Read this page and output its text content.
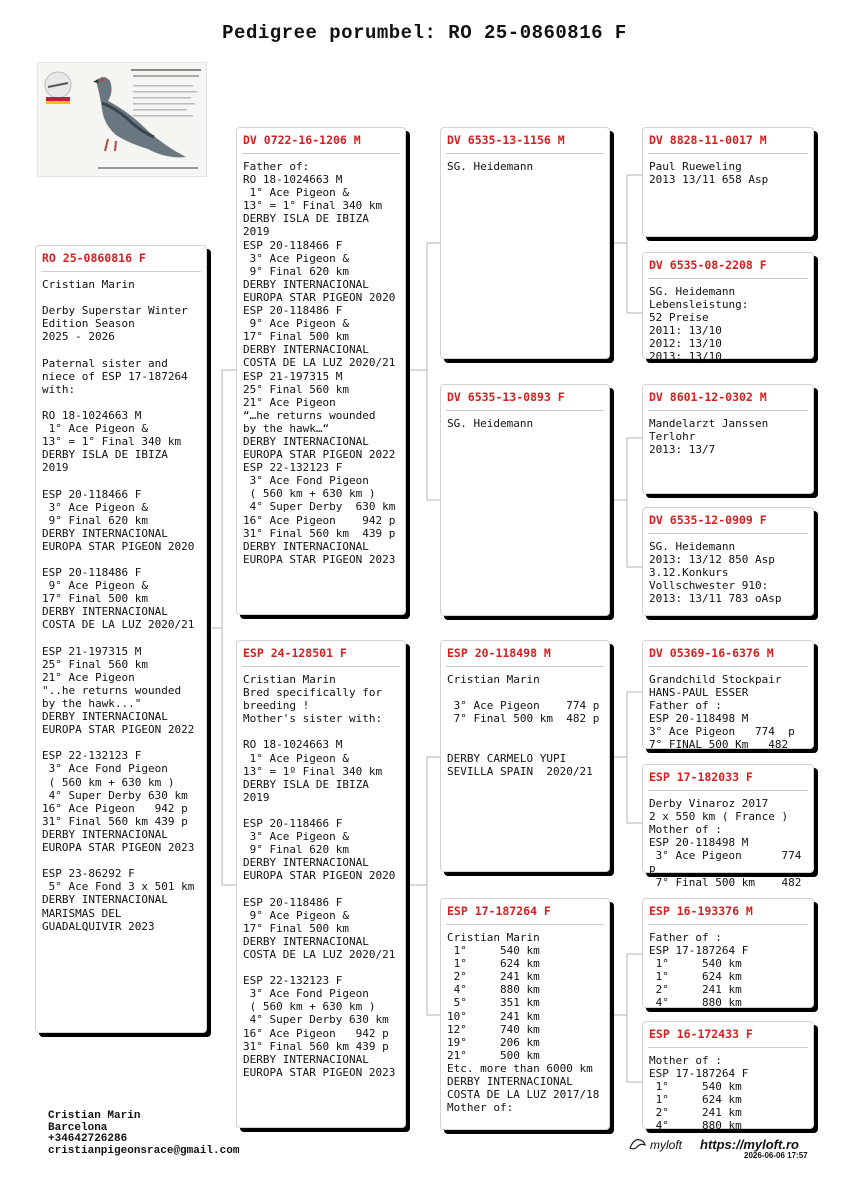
Pedigree porumbel: RO 25-0860816 F
RO 25-0860816 F
Cristian Marin

Derby Superstar Winter
Edition Season
2025 - 2026

Paternal sister and
niece of ESP 17-187264
with:

RO 18-1024663 M
1° Ace Pigeon &
13° = 1° Final 340 km
DERBY ISLA DE IBIZA 2019

ESP 20-118466 F
3° Ace Pigeon &
9° Final 620 km
DERBY INTERNACIONAL
EUROPA STAR PIGEON 2020

ESP 20-118486 F
9° Ace Pigeon &
17° Final 500 km
DERBY INTERNACIONAL
COSTA DE LA LUZ 2020/21

ESP 21-197315 M
25° Final 560 km
21° Ace Pigeon
"..he returns wounded
by the hawk..."
DERBY INTERNACIONAL
EUROPA STAR PIGEON 2022

ESP 22-132123 F
3° Ace Fond Pigeon
( 560 km + 630 km )
4° Super Derby 630 km
16° Ace Pigeon   942 p
31° Final 560 km 439 p
DERBY INTERNACIONAL
EUROPA STAR PIGEON 2023

ESP 23-86292 F
5° Ace Fond 3 x 501 km
DERBY INTERNACIONAL
MARISMAS DEL
GUADALQUIVIR 2023
DV 0722-16-1206 M
Father of:
RO 18-1024663 M
1° Ace Pigeon &
13° = 1° Final 340 km
DERBY ISLA DE IBIZA 2019
ESP 20-118466 F
3° Ace Pigeon &
9° Final 620 km
DERBY INTERNACIONAL
EUROPA STAR PIGEON 2020
ESP 20-118486 F
9° Ace Pigeon &
17° Final 500 km
DERBY INTERNACIONAL
COSTA DE LA LUZ 2020/21
ESP 21-197315 M
25° Final 560 km
21° Ace Pigeon
“…he returns wounded
by the hawk…“
DERBY INTERNACIONAL
EUROPA STAR PIGEON 2022
ESP 22-132123 F
3° Ace Fond Pigeon
( 560 km + 630 km )
4° Super Derby  630 km
16° Ace Pigeon    942 p
31° Final 560 km  439 p
DERBY INTERNACIONAL
EUROPA STAR PIGEON 2023
ESP 24-128501 F
Cristian Marin
Bred specifically for
breeding !
Mother's sister with:

RO 18-1024663 M
1° Ace Pigeon &
13° = 1º Final 340 km
DERBY ISLA DE IBIZA 2019

ESP 20-118466 F
3° Ace Pigeon &
9° Final 620 km
DERBY INTERNACIONAL
EUROPA STAR PIGEON 2020

ESP 20-118486 F
9° Ace Pigeon &
17° Final 500 km
DERBY INTERNACIONAL
COSTA DE LA LUZ 2020/21

ESP 22-132123 F
3° Ace Fond Pigeon
( 560 km + 630 km )
4° Super Derby 630 km
16° Ace Pigeon   942 p
31° Final 560 km 439 p
DERBY INTERNACIONAL
EUROPA STAR PIGEON 2023
DV 6535-13-1156 M
SG. Heidemann
DV 6535-13-0893 F
SG. Heidemann
ESP 20-118498 M
Cristian Marin

3° Ace Pigeon    774 p
7° Final 500 km  482 p

DERBY CARMELO YUPI
SEVILLA SPAIN  2020/21
ESP 17-187264 F
Cristian Marin
1°     540 km
1°     624 km
2°     241 km
4°     880 km
5°     351 km
10°     241 km
12°     740 km
19°     206 km
21°     500 km
Etc. more than 6000 km
DERBY INTERNACIONAL
COSTA DE LA LUZ 2017/18
Mother of:
DV 8828-11-0017 M
Paul Rueweling
2013 13/11 658 Asp
DV 6535-08-2208 F
SG. Heidemann
Lebensleistung:
52 Preise
2011: 13/10
2012: 13/10
2013: 13/10
DV 8601-12-0302 M
Mandelarzt Janssen
Terlohr
2013: 13/7
DV 6535-12-0909 F
SG. Heidemann
2013: 13/12 850 Asp
3.12.Konkurs
Vollschwester 910:
2013: 13/11 783 oAsp
DV 05369-16-6376 M
Grandchild Stockpair
HANS-PAUL ESSER
Father of :
ESP 20-118498 M
3° Ace Pigeon   774  p
7° FINAL 500 Km   482
ESP 17-182033 F
Derby Vinaroz 2017
2 x 550 km ( France )
Mother of :
ESP 20-118498 M
3° Ace Pigeon      774 p
7° Final 500 km    482
ESP 16-193376 M
Father of :
ESP 17-187264 F
1°     540 km
1°     624 km
2°     241 km
4°     880 km
ESP 16-172433 F
Mother of :
ESP 17-187264 F
1°     540 km
1°     624 km
2°     241 km
4°     880 km
Cristian Marin
Barcelona
+34642726286
cristianpigeonsrace@gmail.com	myloft https://myloft.ro
2026-06-06 17:57
